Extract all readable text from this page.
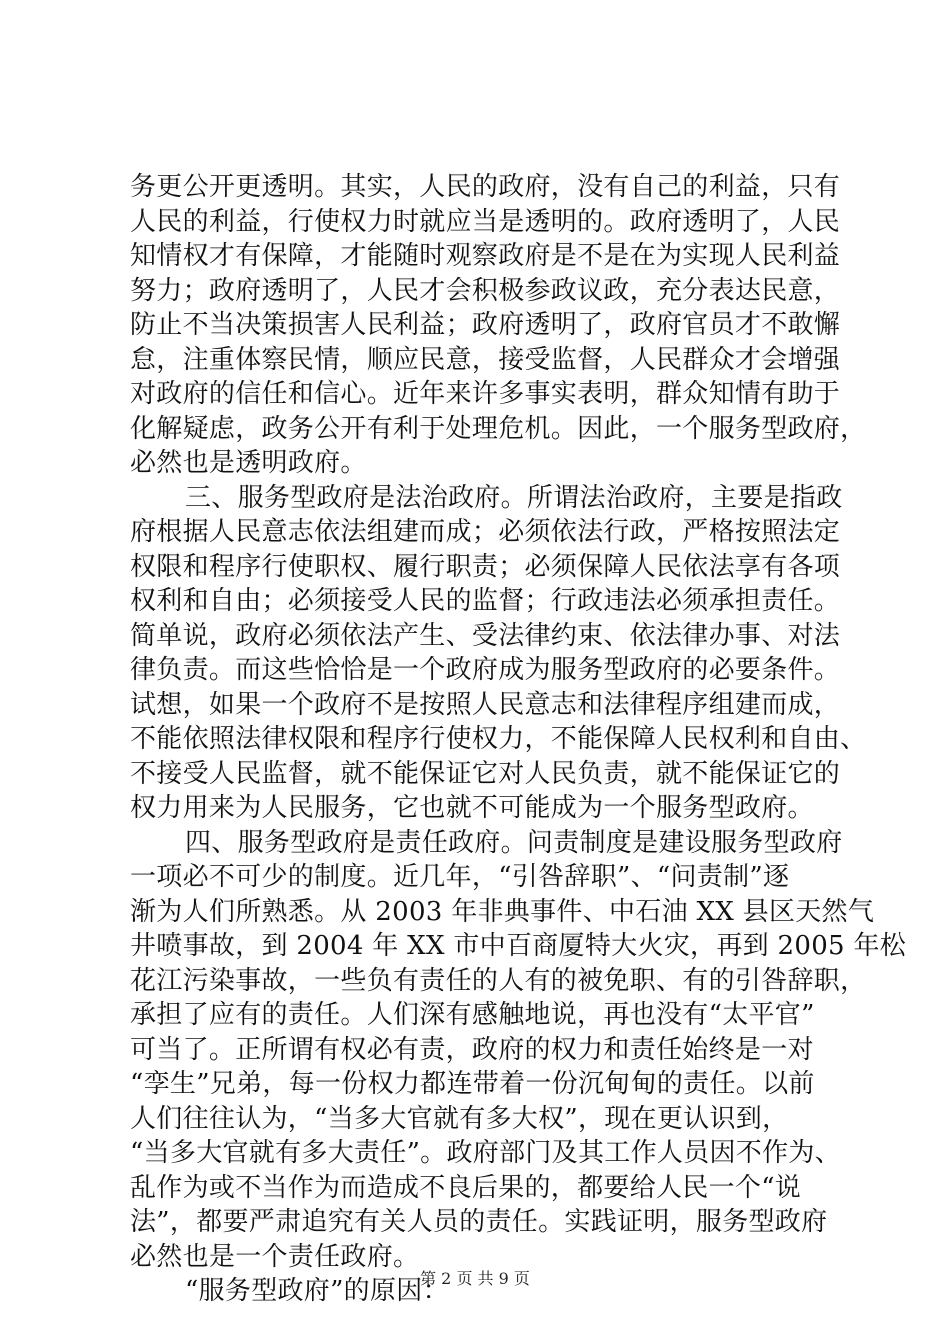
务更公开更透明。其实，人民的政府，没有自己的利益，只有
人民的利益，行使权力时就应当是透明的。政府透明了，人民
知情权才有保障，才能随时观察政府是不是在为实现人民利益
努力；政府透明了，人民才会积极参政议政，充分表达民意，
防止不当决策损害人民利益；政府透明了，政府官员才不敢懈
怠，注重体察民情，顺应民意，接受监督，人民群众才会增强
对政府的信任和信心。近年来许多事实表明，群众知情有助于
化解疑虑，政务公开有利于处理危机。因此，一个服务型政府，
必然也是透明政府。
三、服务型政府是法治政府。所谓法治政府，主要是指政
府根据人民意志依法组建而成；必须依法行政，严格按照法定
权限和程序行使职权、履行职责；必须保障人民依法享有各项
权利和自由；必须接受人民的监督；行政违法必须承担责任。
简单说，政府必须依法产生、受法律约束、依法律办事、对法
律负责。而这些恰恰是一个政府成为服务型政府的必要条件。
试想，如果一个政府不是按照人民意志和法律程序组建而成，
不能依照法律权限和程序行使权力，不能保障人民权利和自由、
不接受人民监督，就不能保证它对人民负责，就不能保证它的
权力用来为人民服务，它也就不可能成为一个服务型政府。
四、服务型政府是责任政府。问责制度是建设服务型政府
一项必不可少的制度。近几年，“引咎辞职”、“问责制”逐
渐为人们所熟悉。从 2003 年非典事件、中石油 XX 县区天然气
井喷事故，到 2004 年 XX 市中百商厦特大火灾，再到 2005 年松
花江污染事故，一些负有责任的人有的被免职、有的引咎辞职，
承担了应有的责任。人们深有感触地说，再也没有“太平官”
可当了。正所谓有权必有责，政府的权力和责任始终是一对
“孪生”兄弟，每一份权力都连带着一份沉甸甸的责任。以前
人们往往认为，“当多大官就有多大权”，现在更认识到，
“当多大官就有多大责任”。政府部门及其工作人员因不作为、
乱作为或不当作为而造成不良后果的，都要给人民一个“说
法”，都要严肃追究有关人员的责任。实践证明，服务型政府
必然也是一个责任政府。
“服务型政府”的原因：
第 2 页 共 9 页
